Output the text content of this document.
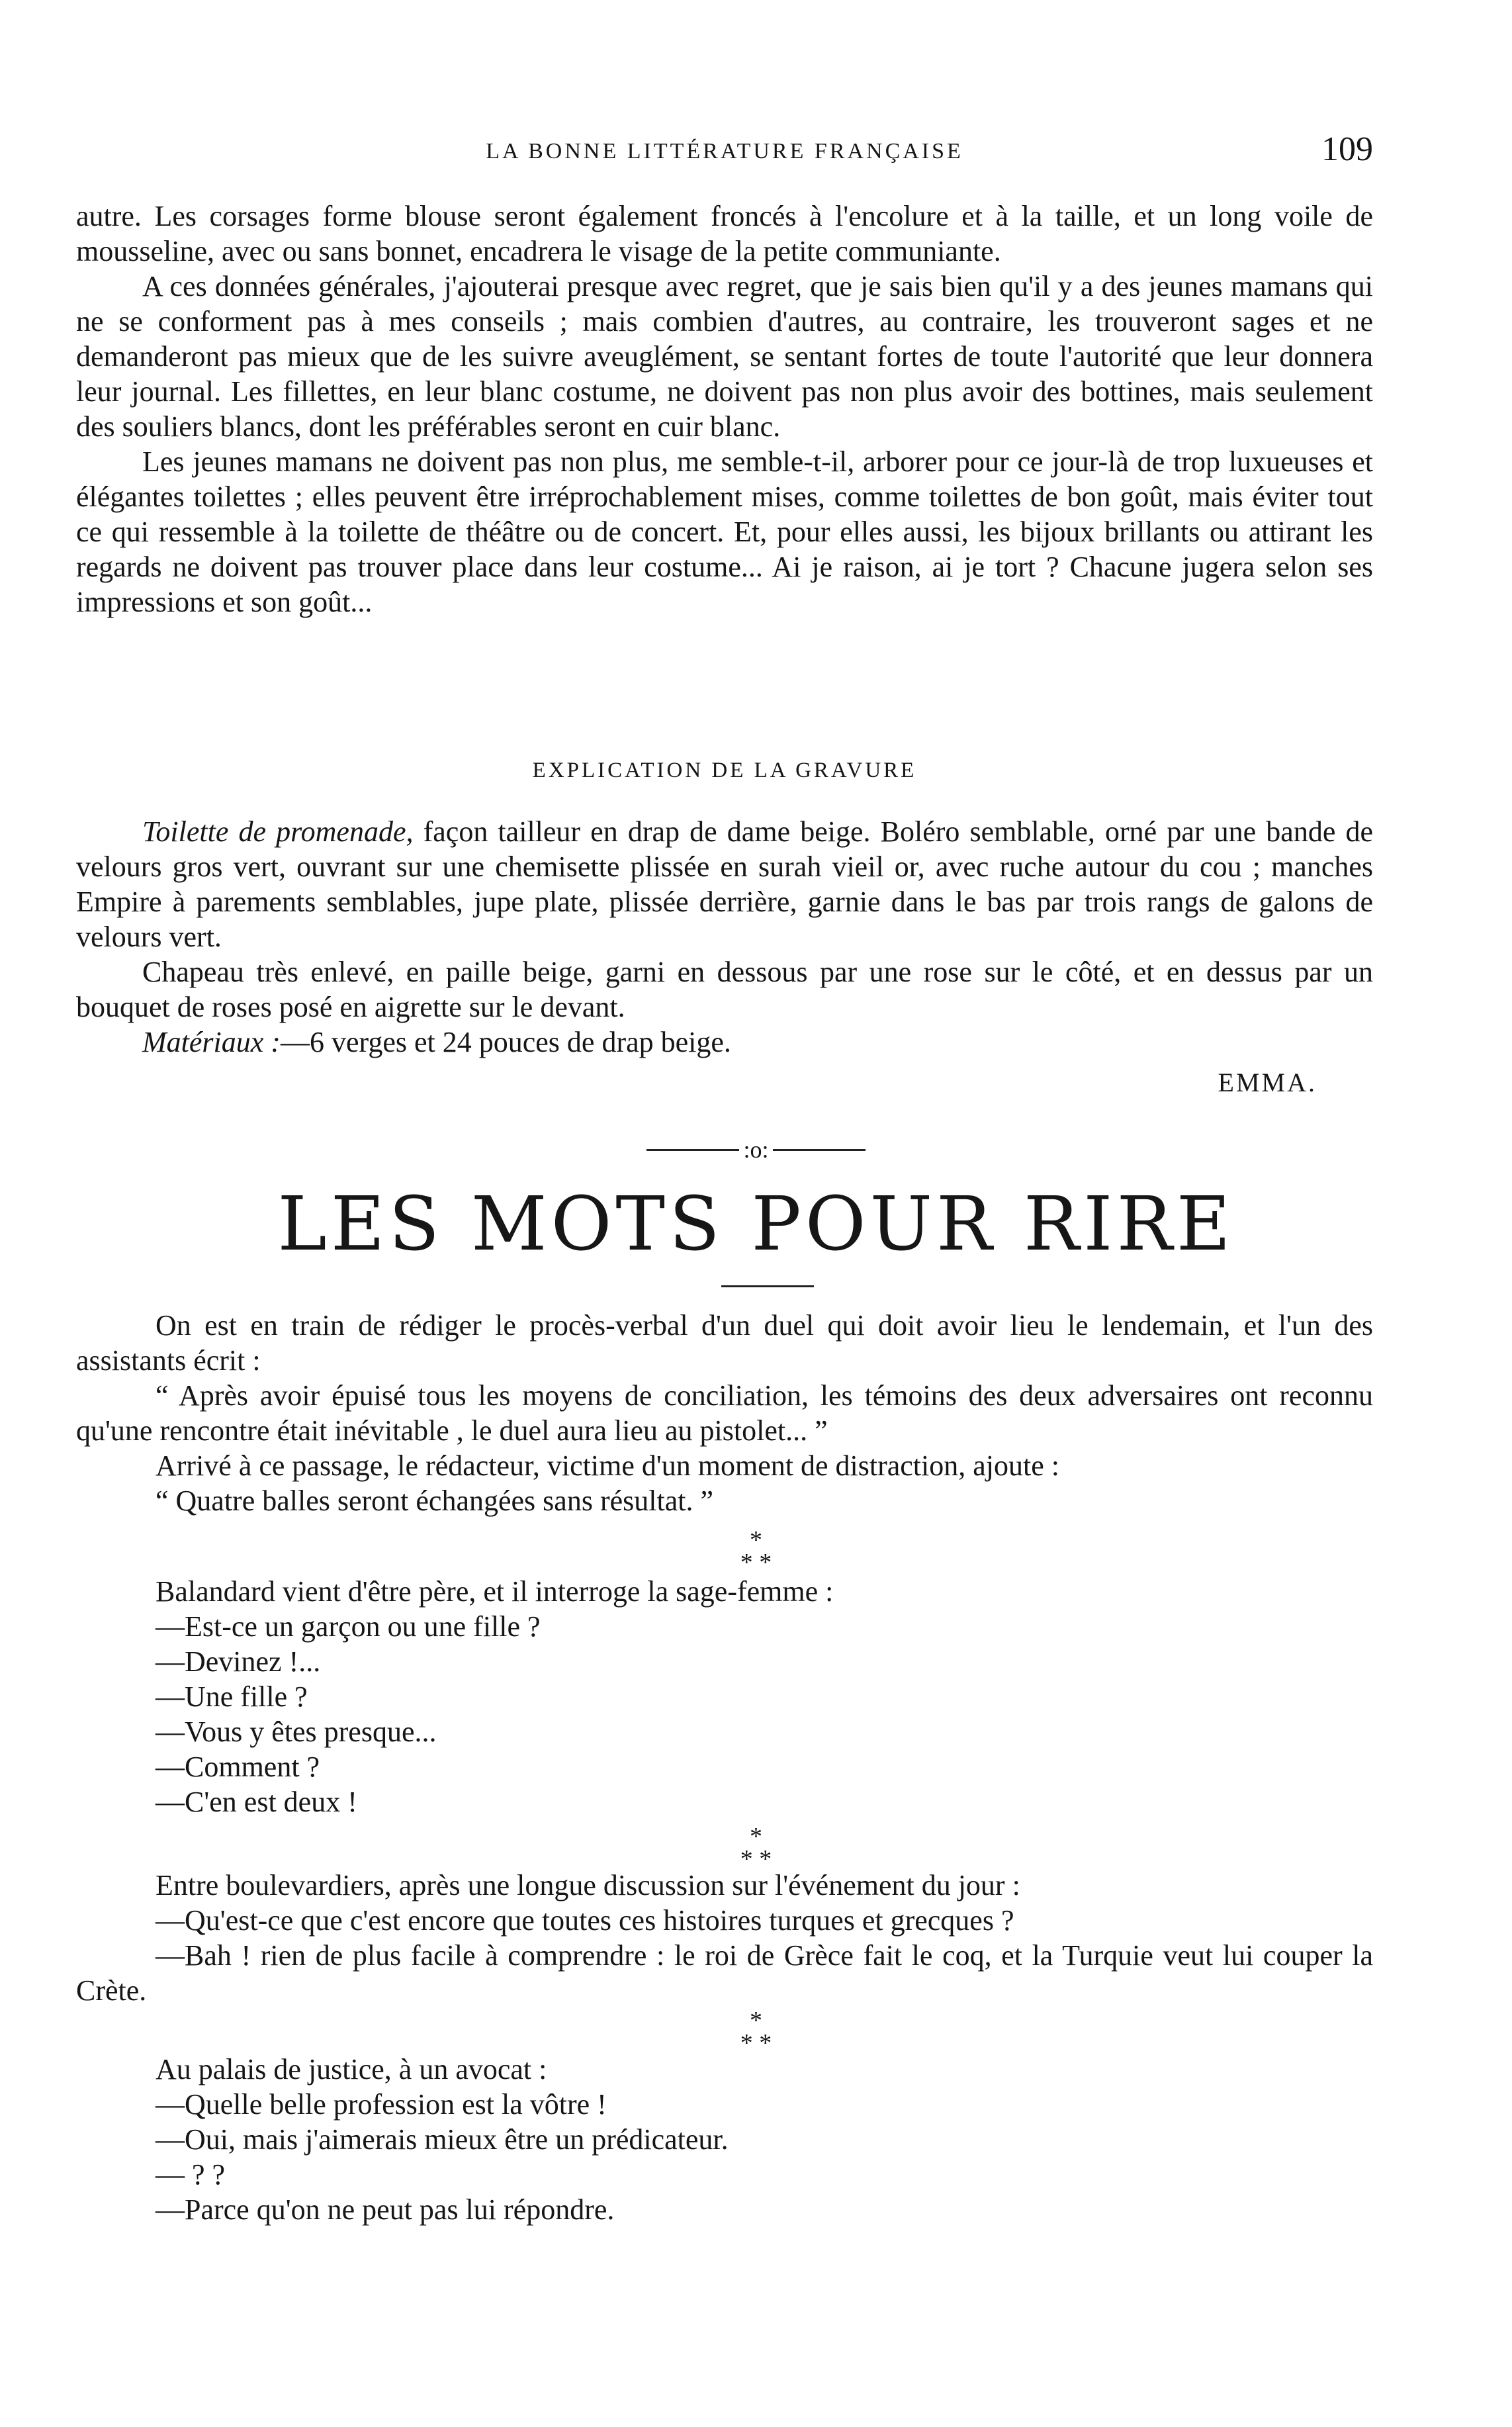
LA BONNE LITTÉRATURE FRANÇAISE	109

autre. Les corsages forme blouse seront également froncés à l'encolure et à la taille, et un long voile de mousseline, avec ou sans bonnet, encadrera le visage de la petite communiante.

A ces données générales, j'ajouterai presque avec regret, que je sais bien qu'il y a des jeunes mamans qui ne se conforment pas à mes conseils ; mais combien d'autres, au contraire, les trouveront sages et ne demanderont pas mieux que de les suivre aveuglément, se sentant fortes de toute l'autorité que leur donnera leur journal. Les fillettes, en leur blanc costume, ne doivent pas non plus avoir des bottines, mais seulement des souliers blancs, dont les préférables seront en cuir blanc.

Les jeunes mamans ne doivent pas non plus, me semble-t-il, arborer pour ce jour-là de trop luxueuses et élégantes toilettes ; elles peuvent être irréprochablement mises, comme toilettes de bon goût, mais éviter tout ce qui ressemble à la toilette de théâtre ou de concert. Et, pour elles aussi, les bijoux brillants ou attirant les regards ne doivent pas trouver place dans leur costume... Ai je raison, ai je tort ? Chacune jugera selon ses impressions et son goût...

EXPLICATION DE LA GRAVURE

Toilette de promenade, façon tailleur en drap de dame beige. Boléro semblable, orné par une bande de velours gros vert, ouvrant sur une chemisette plissée en surah vieil or, avec ruche autour du cou ; manches Empire à parements semblables, jupe plate, plissée derrière, garnie dans le bas par trois rangs de galons de velours vert.

Chapeau très enlevé, en paille beige, garni en dessous par une rose sur le côté, et en dessus par un bouquet de roses posé en aigrette sur le devant.

Matériaux :—6 verges et 24 pouces de drap beige.

EMMA.
:o:
LES MOTS POUR RIRE

On est en train de rédiger le procès-verbal d'un duel qui doit avoir lieu le lendemain, et l'un des assistants écrit :

“ Après avoir épuisé tous les moyens de conciliation, les témoins des deux adversaires ont reconnu qu'une rencontre était inévitable , le duel aura lieu au pistolet... ”

Arrivé à ce passage, le rédacteur, victime d'un moment de distraction, ajoute :

“ Quatre balles seront échangées sans résultat. ”

*
* *

Balandard vient d'être père, et il interroge la sage-femme :

—Est-ce un garçon ou une fille ?

—Devinez !...

—Une fille ?

—Vous y êtes presque...

—Comment ?

—C'en est deux !

*
* *

Entre boulevardiers, après une longue discussion sur l'événement du jour :

—Qu'est-ce que c'est encore que toutes ces histoires turques et grecques ?

—Bah ! rien de plus facile à comprendre : le roi de Grèce fait le coq, et la Turquie veut lui couper la Crète.

*
* *

Au palais de justice, à un avocat :

—Quelle belle profession est la vôtre !

—Oui, mais j'aimerais mieux être un prédicateur.

— ? ?

—Parce qu'on ne peut pas lui répondre.
